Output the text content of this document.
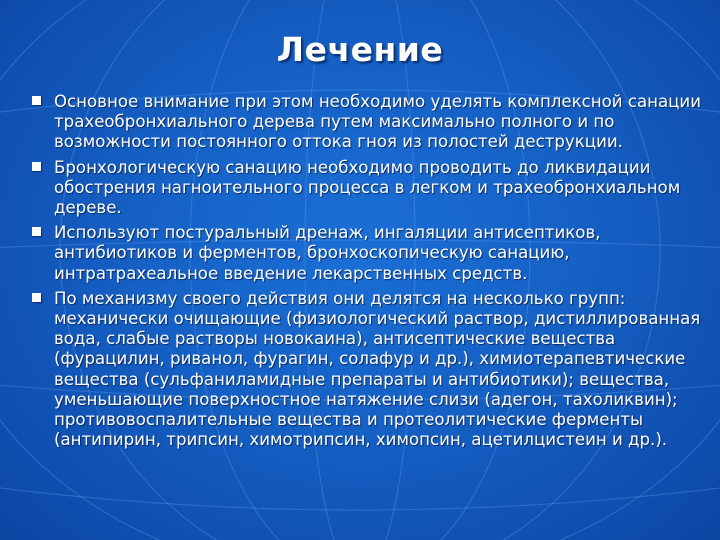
Лечение
Основное внимание при этом необходимо уделять комплексной санации трахеобронхиального дерева путем максимально полного и по возможности постоянного оттока гноя из полостей деструкции.
Бронхологическую санацию необходимо проводить до ликвидации обострения нагноительного процесса в легком и трахеобронхиальном дереве.
Используют постуральный дренаж, ингаляции антисептиков, антибиотиков и ферментов, бронхоскопическую санацию, интратрахеальное введение лекарственных средств.
По механизму своего действия они делятся на несколько групп: механически очищающие (физиологический раствор, дистиллированная вода, слабые растворы новокаина), антисептические вещества (фурацилин, риванол, фурагин, солафур и др.), химиотерапевтические вещества (сульфаниламидные препараты и антибиотики); вещества, уменьшающие поверхностное натяжение слизи (адегон, тахоликвин); противовоспалительные вещества и протеолитические ферменты (антипирин, трипсин, химотрипсин, химопсин, ацетилцистеин и др.).
